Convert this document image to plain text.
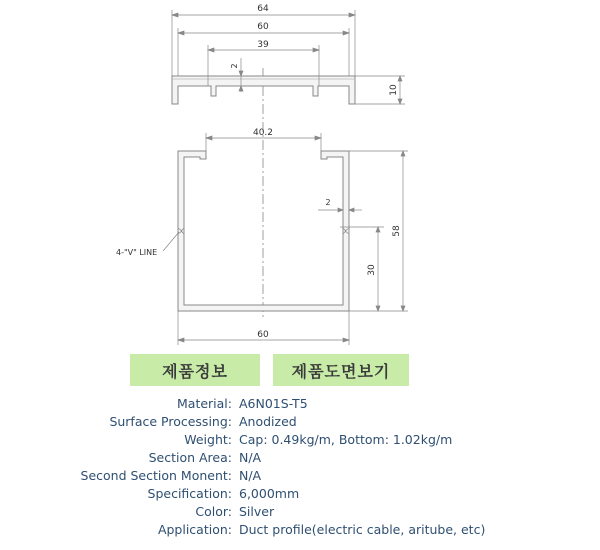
64
60
39
2
10
40.2
2
58
30
60
4-"V" LINE
제품정보	제품도면보기
Material: A6N01S-T5
Surface Processing: Anodized
Weight: Cap: 0.49kg/m, Bottom: 1.02kg/m
Section Area: N/A
Second Section Monent: N/A
Specification: 6,000mm
Color: Silver
Application: Duct profile(electric cable, aritube, etc)
